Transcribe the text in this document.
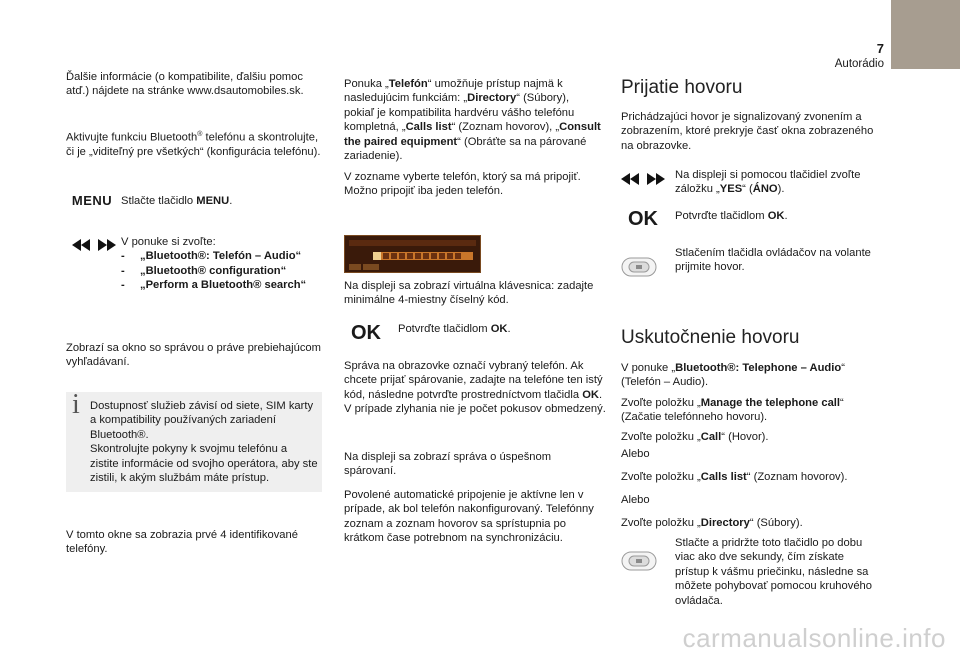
7
Autorádio

Ďalšie informácie (o kompatibilite, ďalšiu pomoc atď.) nájdete na stránke www.dsautomobiles.sk.

Aktivujte funkciu Bluetooth® telefónu a skontrolujte, či je „viditeľný pre všetkých“ (konfigurácia telefónu).

MENU Stlačte tlačidlo MENU.

V ponuke si zvoľte:

- „Bluetooth®: Telefón – Audio“
- „Bluetooth® configuration“
- „Perform a Bluetooth® search“

Zobrazí sa okno so správou o práve prebiehajúcom vyhľadávaní.

i Dostupnosť služieb závisí od siete, SIM karty a kompatibility používaných zariadení Bluetooth®.

Skontrolujte pokyny k svojmu telefónu a zistite informácie od svojho operátora, aby ste zistili, k akým službám máte prístup.

V tomto okne sa zobrazia prvé 4 identifikované telefóny.

Ponuka „Telefón“ umožňuje prístup najmä k nasledujúcim funkciám: „Directory“ (Súbory), pokiaľ je kompatibilita hardvéru vášho telefónu kompletná, „Calls list“ (Zoznam hovorov), „Consult the paired equipment“ (Obráťte sa na párované zariadenie).

V zozname vyberte telefón, ktorý sa má pripojiť. Možno pripojiť iba jeden telefón.

Na displeji sa zobrazí virtuálna klávesnica: zadajte minimálne 4-miestny číselný kód.

OK Potvrďte tlačidlom OK.

Správa na obrazovke označí vybraný telefón. Ak chcete prijať spárovanie, zadajte na telefóne ten istý kód, následne potvrďte prostredníctvom tlačidla OK. V prípade zlyhania nie je počet pokusov obmedzený.

Na displeji sa zobrazí správa o úspešnom spárovaní.

Povolené automatické pripojenie je aktívne len v prípade, ak bol telefón nakonfigurovaný. Telefónny zoznam a zoznam hovorov sa sprístupnia po krátkom čase potrebnom na synchronizáciu.

Prijatie hovoru

Prichádzajúci hovor je signalizovaný zvonením a zobrazením, ktoré prekryje časť okna zobrazeného na obrazovke.

Na displeji si pomocou tlačidiel zvoľte záložku „YES“ (ÁNO).

OK Potvrďte tlačidlom OK.

Stlačením tlačidla ovládačov na volante prijmite hovor.

Uskutočnenie hovoru

V ponuke „Bluetooth®: Telephone – Audio“ (Telefón – Audio).

Zvoľte položku „Manage the telephone call“ (Začatie telefónneho hovoru).

Zvoľte položku „Call“ (Hovor).

Alebo

Zvoľte položku „Calls list“ (Zoznam hovorov).

Alebo

Zvoľte položku „Directory“ (Súbory).

Stlačte a pridržte toto tlačidlo po dobu viac ako dve sekundy, čím získate prístup k vášmu priečinku, následne sa môžete pohybovať pomocou kruhového ovládača.

carmanualsonline.info
